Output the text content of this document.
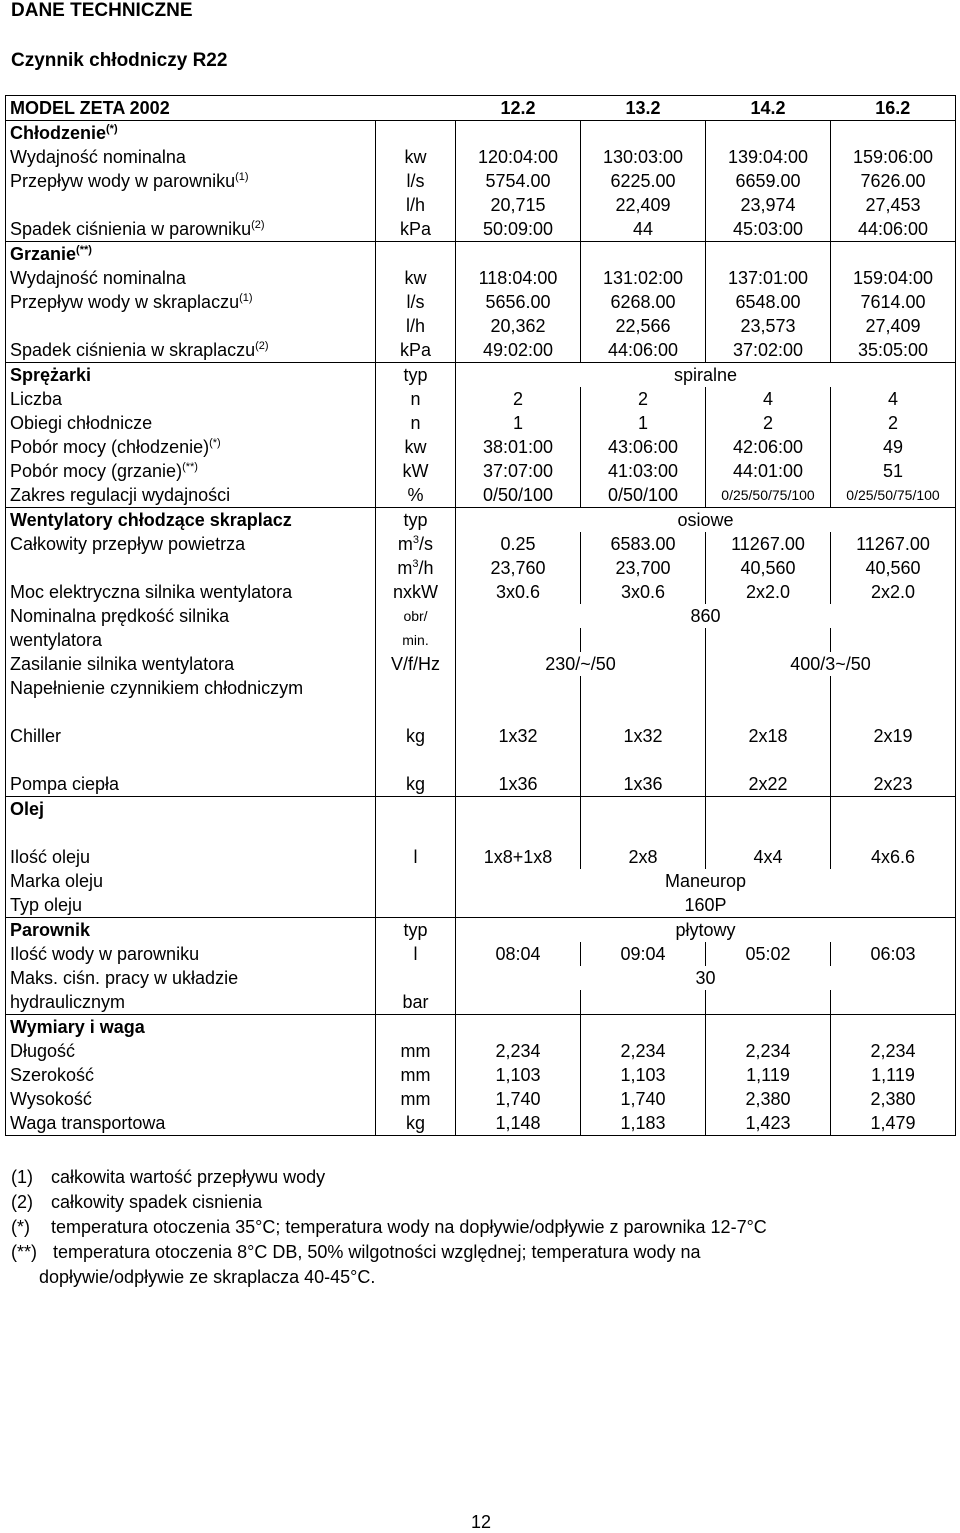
DANE TECHNICZNE
Czynnik chłodniczy R22
MODEL ZETA 2002		12.2	13.2	14.2	16.2
Chłodzenie(*)					
Wydajność nominalna	kw	120:04:00	130:03:00	139:04:00	159:06:00
Przepływ wody w parowniku$^{(1)}$	l/s	5754.00	6225.00	6659.00	7626.00
	l/h	20,715	22,409	23,974	27,453
Spadek ciśnienia w parowniku$^{(2)}$	kPa	50:09:00	44	45:03:00	44:06:00
Grzanie(**)					
Wydajność nominalna	kw	118:04:00	131:02:00	137:01:00	159:04:00
Przepływ wody w skraplaczu$^{(1)}$	l/s	5656.00	6268.00	6548.00	7614.00
	l/h	20,362	22,566	23,573	27,409
Spadek ciśnienia w skraplaczu$^{(2)}$	kPa	49:02:00	44:06:00	37:02:00	35:05:00
Sprężarki	typ	spiralne			
Liczba	n	2	2	4	4
Obiegi chłodnicze	n	1	1	2	2
Pobór mocy (chłodzenie)(*)	kw	38:01:00	43:06:00	42:06:00	49
Pobór mocy (grzanie)(**)	kW	37:07:00	41:03:00	44:01:00	51
Zakres regulacji wydajności	%	0/50/100	0/50/100	0/25/50/75/100	0/25/50/75/100
Wentylatory chłodzące skraplacz	typ	osiowe			
Całkowity przepływ powietrza	$m^3/s$	0.25	6583.00	11267.00	11267.00
	$m^3/h$	23,760	23,700	40,560	40,560
Moc elektryczna silnika wentylatora	nxkW	3x0.6	3x0.6	2x2.0	2x2.0
Nominalna prędkość silnika	obr/	860			
wentylatora	min.				
Zasilanie silnika wentylatora	V/f/Hz	230/~/50		400/3~/50	
Napełnienie czynnikiem chłodniczym					
Chiller	kg	1x32	1x32	2x18	2x19
Pompa ciepła	kg	1x36	1x36	2x22	2x23
Olej					
Ilość oleju	l	1x8+1x8	2x8	4x4	4x6.6
Marka oleju		Maneurop			
Typ oleju		160P			
Parownik	typ	płytowy			
Ilość wody w parowniku	l	08:04	09:04	05:02	06:03
Maks. ciśn. pracy w układzie		30			
hydraulicznym	bar				
Wymiary i waga					
Długość	mm	2,234	2,234	2,234	2,234
Szerokość	mm	1,103	1,103	1,119	1,119
Wysokość	mm	1,740	1,740	2,380	2,380
Waga transportowa	kg	1,148	1,183	1,423	1,479
(1)	całkowita wartość przepływu wody
(2)	całkowity spadek cisnienia
(*)	temperatura otoczenia 35°C; temperatura wody na dopływie/odpływie z parownika 12-7°C
(**) temperatura otoczenia 8°C DB, 50% wilgotności względnej; temperatura wody na
dopływie/odpływie ze skraplacza 40-45°C.
12
